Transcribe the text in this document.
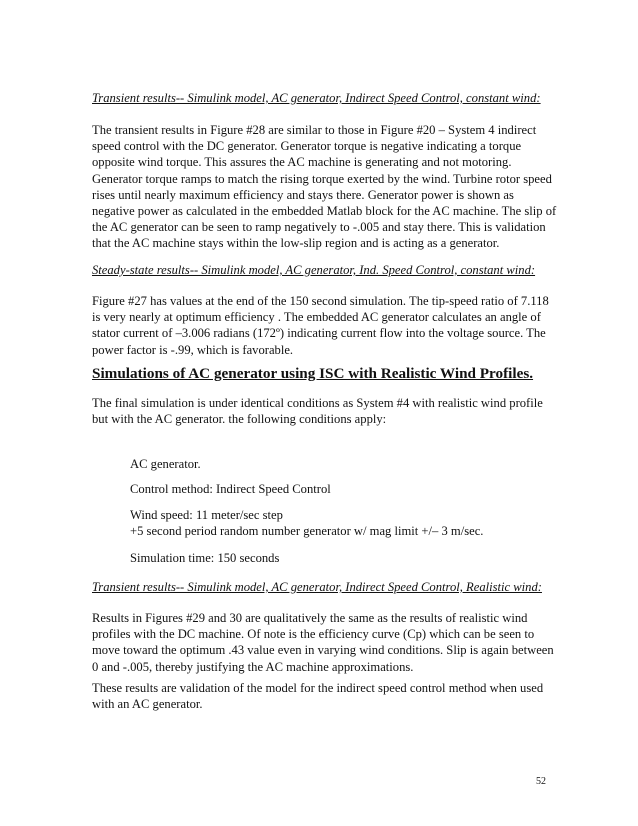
Transient results-- Simulink model, AC generator, Indirect Speed Control, constant wind:

The transient results in Figure #28 are similar to those in Figure #20 – System 4 indirect speed control with the DC generator. Generator torque is negative indicating a torque opposite wind torque. This assures the AC machine is generating and not motoring. Generator torque ramps to match the rising torque exerted by the wind. Turbine rotor speed rises until nearly maximum efficiency and stays there. Generator power is shown as negative power as calculated in the embedded Matlab block for the AC machine. The slip of the AC generator can be seen to ramp negatively to -.005 and stay there. This is validation that the AC machine stays within the low-slip region and is acting as a generator.

Steady-state results-- Simulink model, AC generator, Ind. Speed Control, constant wind:

Figure #27 has values at the end of the 150 second simulation. The tip-speed ratio of 7.118 is very nearly at optimum efficiency . The embedded AC generator calculates an angle of stator current of –3.006 radians (172º) indicating current flow into the voltage source. The power factor is -.99, which is favorable.

Simulations of AC generator using ISC with Realistic Wind Profiles.

The final simulation is under identical conditions as System #4 with realistic wind profile but with the AC generator. the following conditions apply:

AC generator.

Control method: Indirect Speed Control

Wind speed: 11 meter/sec step

+5 second period random number generator w/ mag limit +/– 3 m/sec.

Simulation time: 150 seconds

Transient results-- Simulink model, AC generator, Indirect Speed Control, Realistic wind:

Results in Figures #29 and 30 are qualitatively the same as the results of realistic wind profiles with the DC machine. Of note is the efficiency curve (Cp) which can be seen to move toward the optimum .43 value even in varying wind conditions. Slip is again between 0 and -.005, thereby justifying the AC machine approximations.

These results are validation of the model for the indirect speed control method when used with an AC generator.

52
